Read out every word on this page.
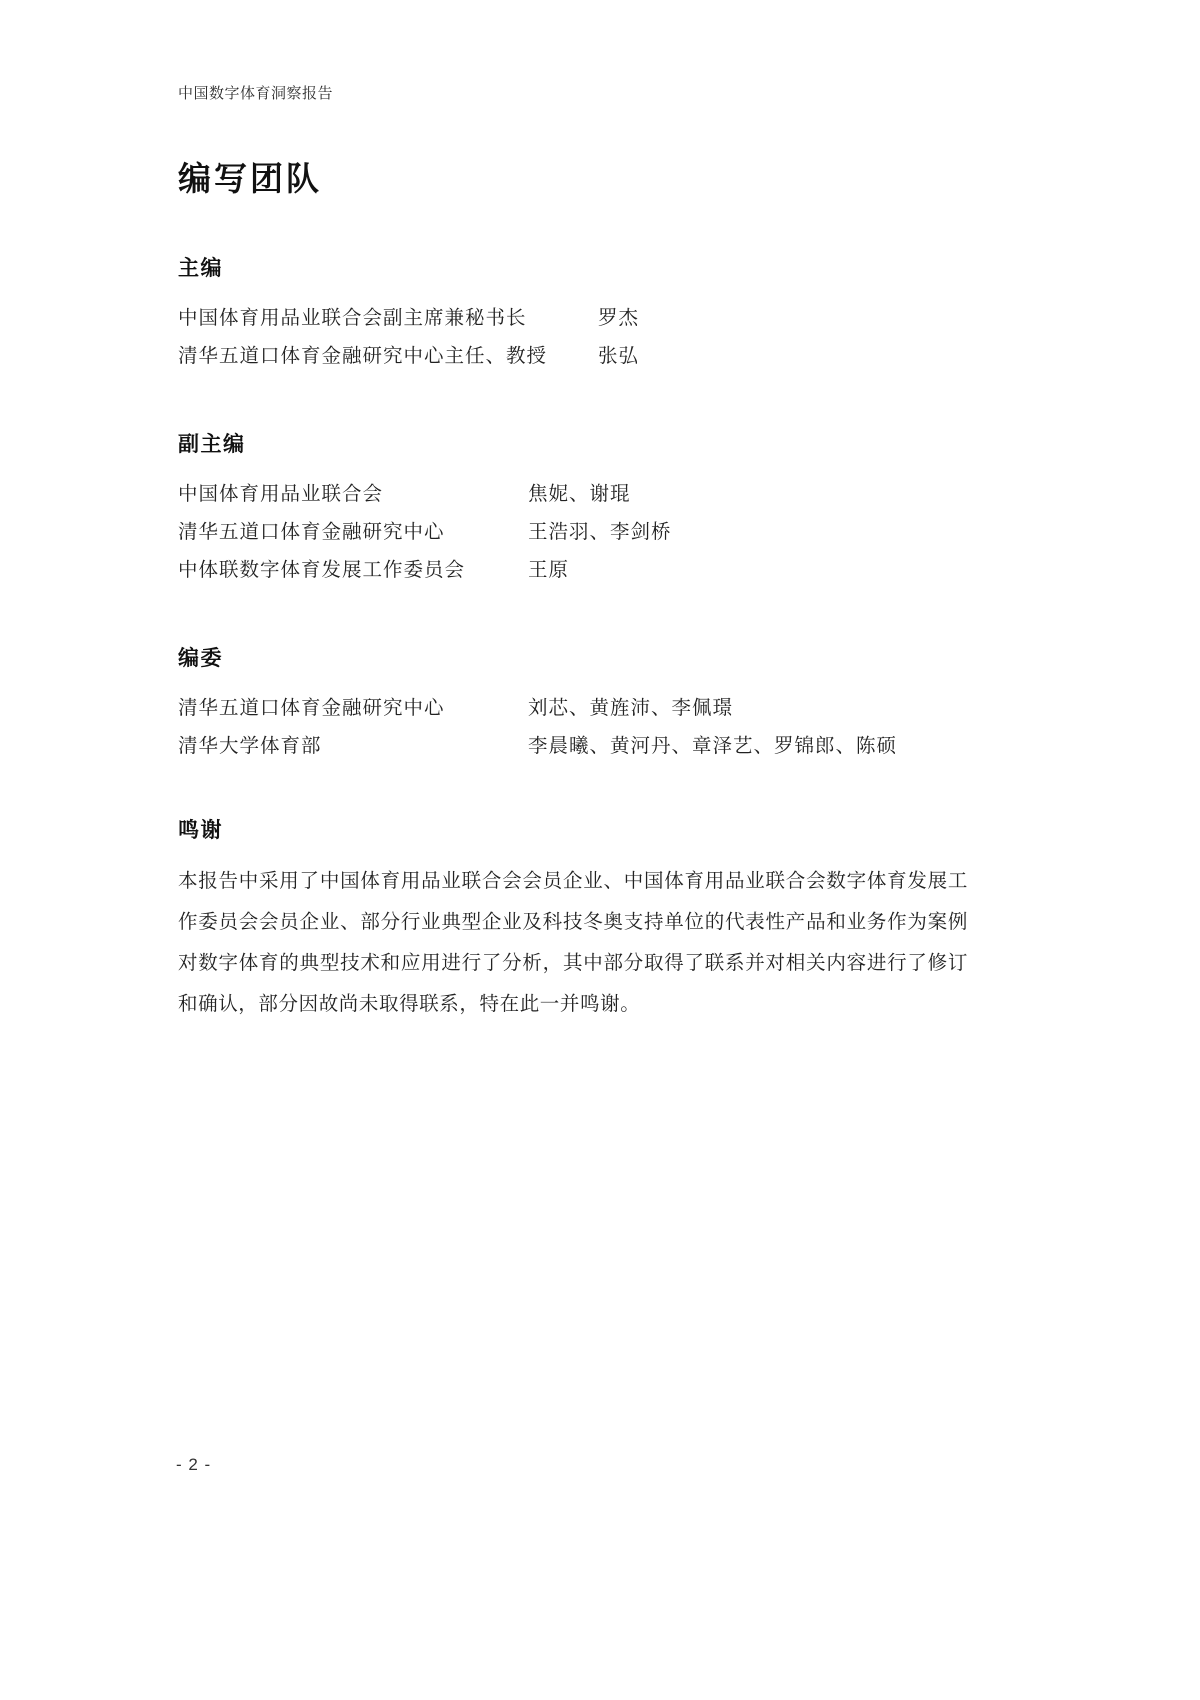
中国数字体育洞察报告
编写团队
主编
中国体育用品业联合会副主席兼秘书长	罗杰
清华五道口体育金融研究中心主任、教授	张弘
副主编
中国体育用品业联合会	焦妮、谢琨
清华五道口体育金融研究中心	王浩羽、李剑桥
中体联数字体育发展工作委员会	王原
编委
清华五道口体育金融研究中心	刘芯、黄旌沛、李佩璟
清华大学体育部	李晨曦、黄河丹、章泽艺、罗锦郎、陈硕
鸣谢
本报告中采用了中国体育用品业联合会会员企业、中国体育用品业联合会数字体育发展工作委员会会员企业、部分行业典型企业及科技冬奥支持单位的代表性产品和业务作为案例对数字体育的典型技术和应用进行了分析，其中部分取得了联系并对相关内容进行了修订和确认，部分因故尚未取得联系，特在此一并鸣谢。
- 2 -
